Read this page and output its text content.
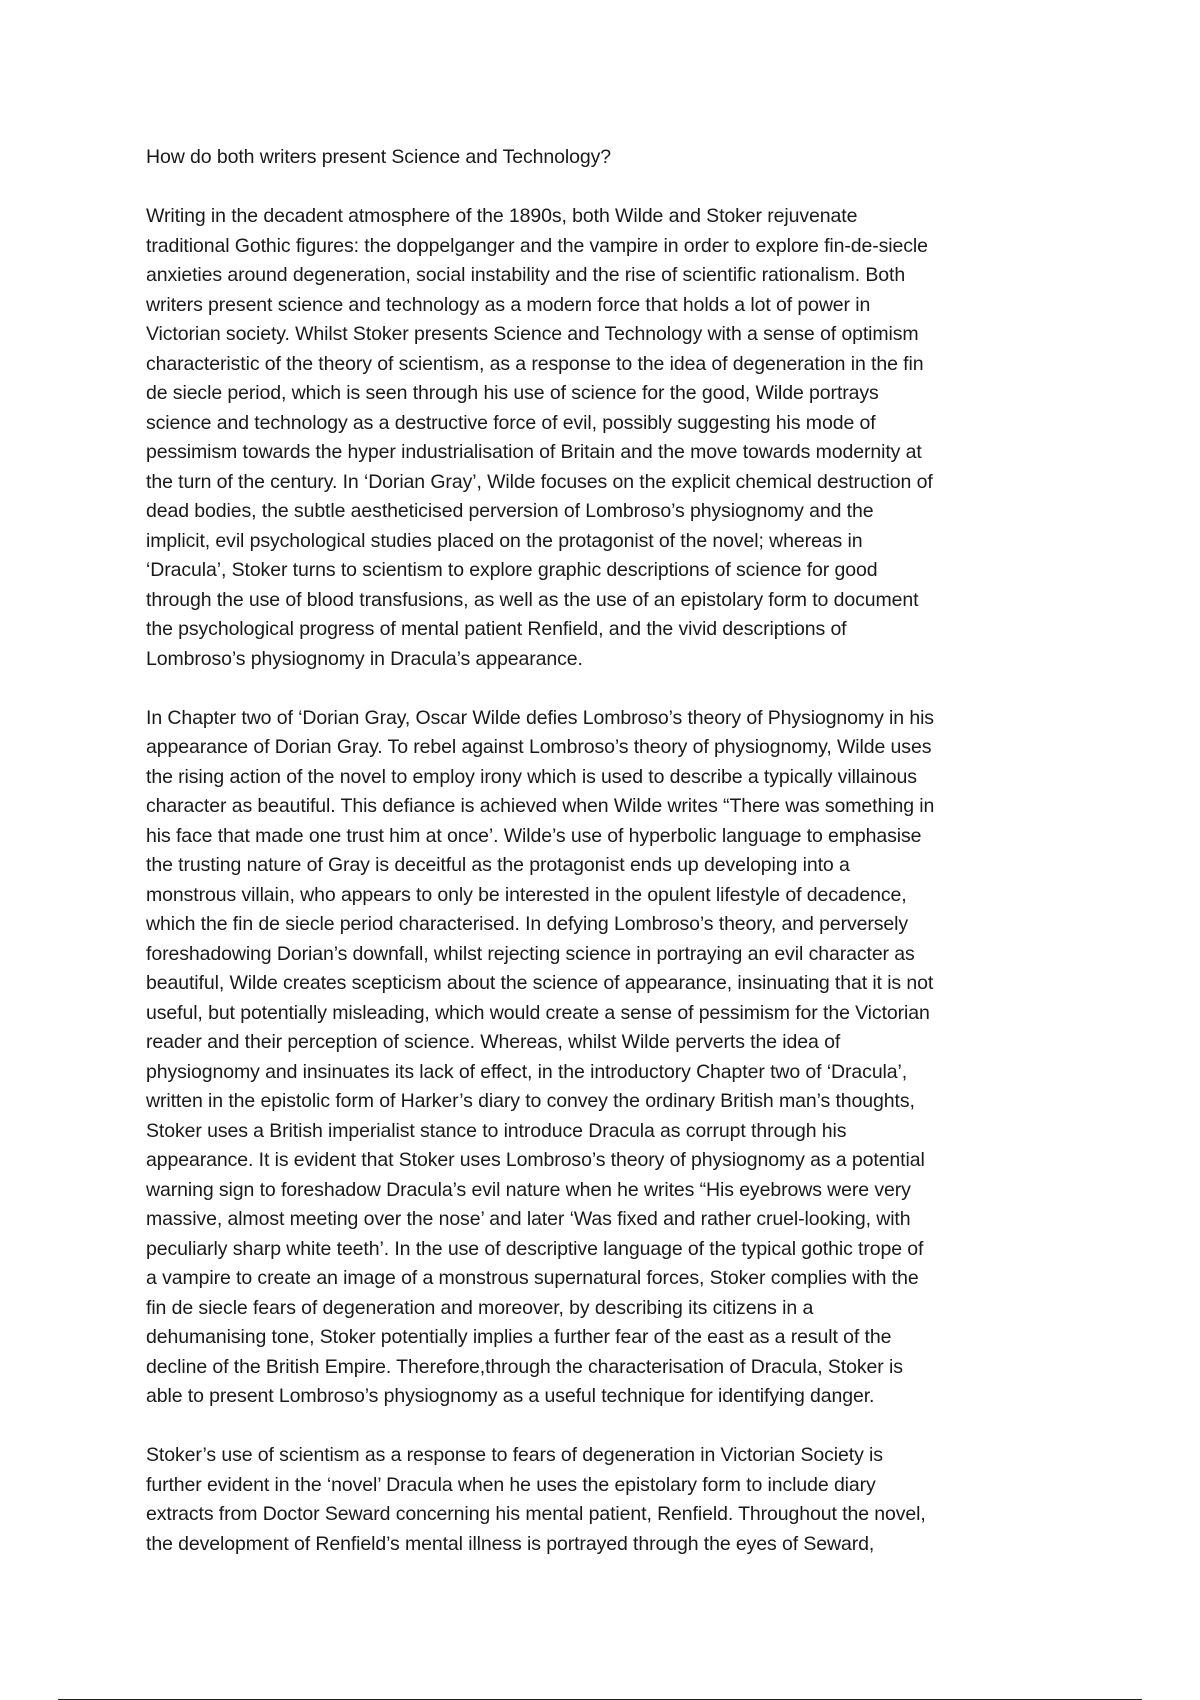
How do both writers present Science and Technology?

Writing in the decadent atmosphere of the 1890s, both Wilde and Stoker rejuvenate
traditional Gothic figures: the doppelganger and the vampire in order to explore fin-de-siecle
anxieties around degeneration, social instability and the rise of scientific rationalism. Both
writers present science and technology as a modern force that holds a lot of power in
Victorian society. Whilst Stoker presents Science and Technology with a sense of optimism
characteristic of the theory of scientism, as a response to the idea of degeneration in the fin
de siecle period, which is seen through his use of science for the good, Wilde portrays
science and technology as a destructive force of evil, possibly suggesting his mode of
pessimism towards the hyper industrialisation of Britain and the move towards modernity at
the turn of the century. In ‘Dorian Gray’, Wilde focuses on the explicit chemical destruction of
dead bodies, the subtle aestheticised perversion of Lombroso’s physiognomy and the
implicit, evil psychological studies placed on the protagonist of the novel; whereas in
‘Dracula’, Stoker turns to scientism to explore graphic descriptions of science for good
through the use of blood transfusions, as well as the use of an epistolary form to document
the psychological progress of mental patient Renfield, and the vivid descriptions of
Lombroso’s physiognomy in Dracula’s appearance.

In Chapter two of ‘Dorian Gray, Oscar Wilde defies Lombroso’s theory of Physiognomy in his
appearance of Dorian Gray. To rebel against Lombroso’s theory of physiognomy, Wilde uses
the rising action of the novel to employ irony which is used to describe a typically villainous
character as beautiful. This defiance is achieved when Wilde writes “There was something in
his face that made one trust him at once’. Wilde’s use of hyperbolic language to emphasise
the trusting nature of Gray is deceitful as the protagonist ends up developing into a
monstrous villain, who appears to only be interested in the opulent lifestyle of decadence,
which the fin de siecle period characterised. In defying Lombroso’s theory, and perversely
foreshadowing Dorian’s downfall, whilst rejecting science in portraying an evil character as
beautiful, Wilde creates scepticism about the science of appearance, insinuating that it is not
useful, but potentially misleading, which would create a sense of pessimism for the Victorian
reader and their perception of science. Whereas, whilst Wilde perverts the idea of
physiognomy and insinuates its lack of effect, in the introductory Chapter two of ‘Dracula’,
written in the epistolic form of Harker’s diary to convey the ordinary British man’s thoughts,
Stoker uses a British imperialist stance to introduce Dracula as corrupt through his
appearance. It is evident that Stoker uses Lombroso’s theory of physiognomy as a potential
warning sign to foreshadow Dracula’s evil nature when he writes “His eyebrows were very
massive, almost meeting over the nose’ and later ‘Was fixed and rather cruel-looking, with
peculiarly sharp white teeth’. In the use of descriptive language of the typical gothic trope of
a vampire to create an image of a monstrous supernatural forces, Stoker complies with the
fin de siecle fears of degeneration and moreover, by describing its citizens in a
dehumanising tone, Stoker potentially implies a further fear of the east as a result of the
decline of the British Empire. Therefore,through the characterisation of Dracula, Stoker is
able to present Lombroso’s physiognomy as a useful technique for identifying danger.

Stoker’s use of scientism as a response to fears of degeneration in Victorian Society is
further evident in the ‘novel’ Dracula when he uses the epistolary form to include diary
extracts from Doctor Seward concerning his mental patient, Renfield. Throughout the novel,
the development of Renfield’s mental illness is portrayed through the eyes of Seward,
